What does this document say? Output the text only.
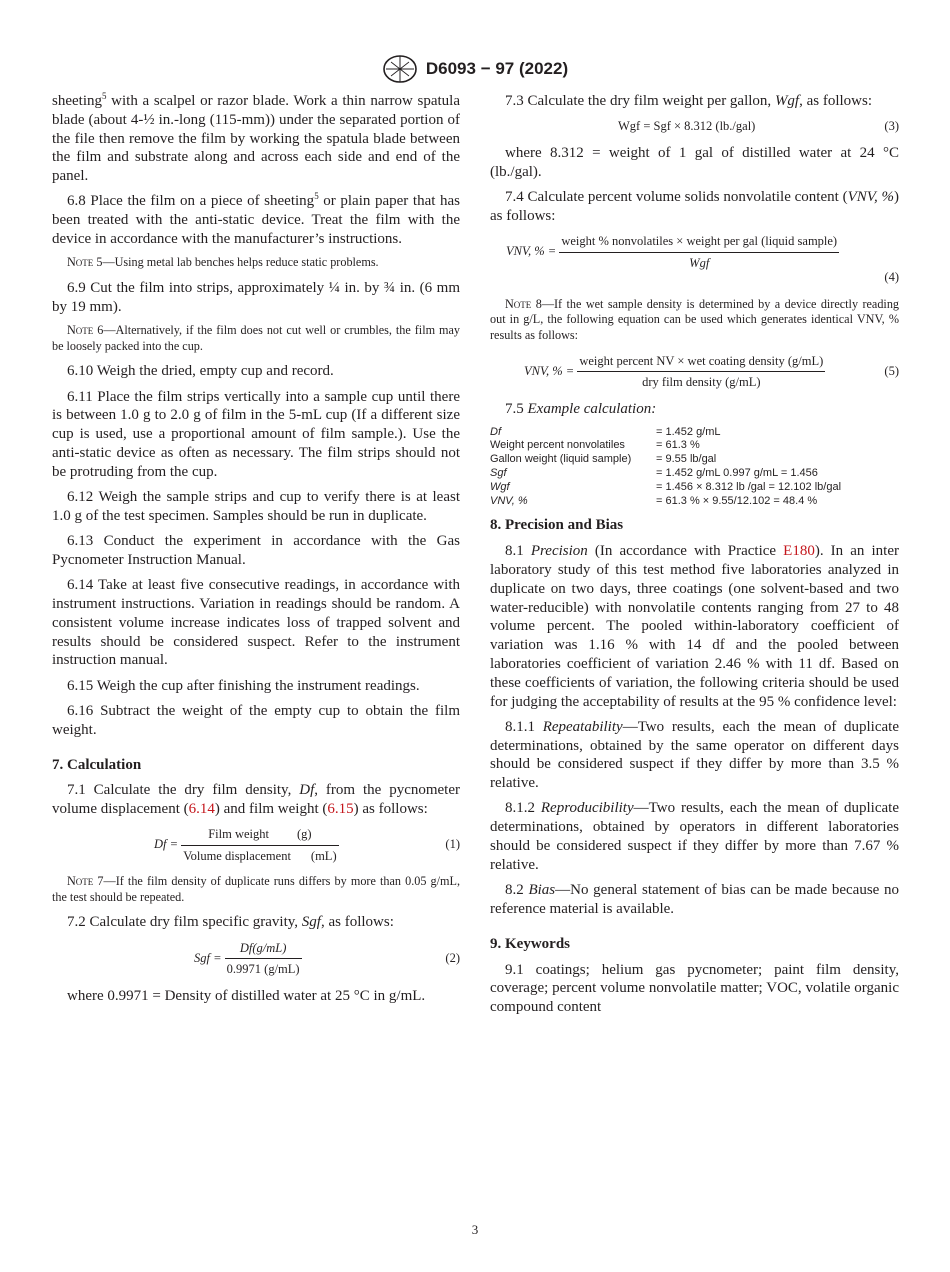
D6093 − 97 (2022)

sheeting$^5$ with a scalpel or razor blade. Work a thin narrow spatula blade (about 4-½ in.-long (115-mm)) under the separated portion of the file then remove the film by working the spatula blade between the film and substrate along and across each side and end of the panel.

6.8 Place the film on a piece of sheeting$^5$ or plain paper that has been treated with the anti-static device. Treat the film with the device in accordance with the manufacturer’s instructions.

Note 5—Using metal lab benches helps reduce static problems.

6.9 Cut the film into strips, approximately ¼ in. by ¾ in. (6 mm by 19 mm).

Note 6—Alternatively, if the film does not cut well or crumbles, the film may be loosely packed into the cup.

6.10 Weigh the dried, empty cup and record.

6.11 Place the film strips vertically into a sample cup until there is between 1.0 g to 2.0 g of film in the 5-mL cup (If a different size cup is used, use a proportional amount of film sample.). Use the anti-static device as often as necessary. The film strips should not be protruding from the cup.

6.12 Weigh the sample strips and cup to verify there is at least 1.0 g of the test specimen. Samples should be run in duplicate.

6.13 Conduct the experiment in accordance with the Gas Pycnometer Instruction Manual.

6.14 Take at least five consecutive readings, in accordance with instrument instructions. Variation in readings should be random. A consistent volume increase indicates loss of trapped solvent and results should be considered suspect. Refer to the instrument instruction manual.

6.15 Weigh the cup after finishing the instrument readings.

6.16 Subtract the weight of the empty cup to obtain the film weight.

7. Calculation

7.1 Calculate the dry film density, Df, from the pycnometer volume displacement (6.14) and film weight (6.15) as follows:

$Df = \frac{\text{Film weight (g)}}{\text{Volume displacement (mL)}}$	(1)
Note 7—If the film density of duplicate runs differs by more than 0.05 g/mL, the test should be repeated.

7.2 Calculate dry film specific gravity, Sgf, as follows:

Sgf = $\frac{Df(g/mL)}{0.9971 (g/mL)}$	(2)

where 0.9971 = Density of distilled water at 25 °C in g/mL.

7.3 Calculate the dry film weight per gallon, Wgf, as follows:

Wgf = Sgf × 8.312 (lb./gal)	(3)

where 8.312 = weight of 1 gal of distilled water at 24 °C (lb./gal).

7.4 Calculate percent volume solids nonvolatile content (VNV, %) as follows:

VNV, % = $\frac{\text{weight \% nonvolatiles × weight per gal (liquid sample)}}{\text{Wgf}}$
(4)
Note 8—If the wet sample density is determined by a device directly reading out in g/L, the following equation can be used which generates identical VNV, % results as follows:
VNV, % = $\frac{\text{weight percent NV × wet coating density (g/mL)}}{\text{dry film density (g/mL)}}$	(5)

7.5 Example calculation:

Df	= 1.452 g/mL
Weight percent nonvolatiles	= 61.3 %
Gallon weight (liquid sample)	= 9.55 lb/gal
Sgf	= 1.452 g/mL 0.997 g/mL = 1.456
Wgf	= 1.456 × 8.312 lb /gal = 12.102 lb/gal
VNV, %	= 61.3 % × 9.55/12.102 = 48.4 %
8. Precision and Bias

8.1 Precision (In accordance with Practice E180). In an inter laboratory study of this test method five laboratories analyzed in duplicate on two days, three coatings (one solvent-based and two water-reducible) with nonvolatile contents ranging from 27 to 48 volume percent. The pooled within-laboratory coefficient of variation was 1.16 % with 14 df and the pooled between laboratories coefficient of variation 2.46 % with 11 df. Based on these coefficients of variation, the following criteria should be used for judging the acceptability of results at the 95 % confidence level:

8.1.1 Repeatability—Two results, each the mean of duplicate determinations, obtained by the same operator on different days should be considered suspect if they differ by more than 3.5 % relative.

8.1.2 Reproducibility—Two results, each the mean of duplicate determinations, obtained by operators in different laboratories should be considered suspect if they differ by more than 7.67 % relative.

8.2 Bias—No general statement of bias can be made because no reference material is available.

9. Keywords

9.1 coatings; helium gas pycnometer; paint film density, coverage; percent volume nonvolatile matter; VOC, volatile organic compound content

3
